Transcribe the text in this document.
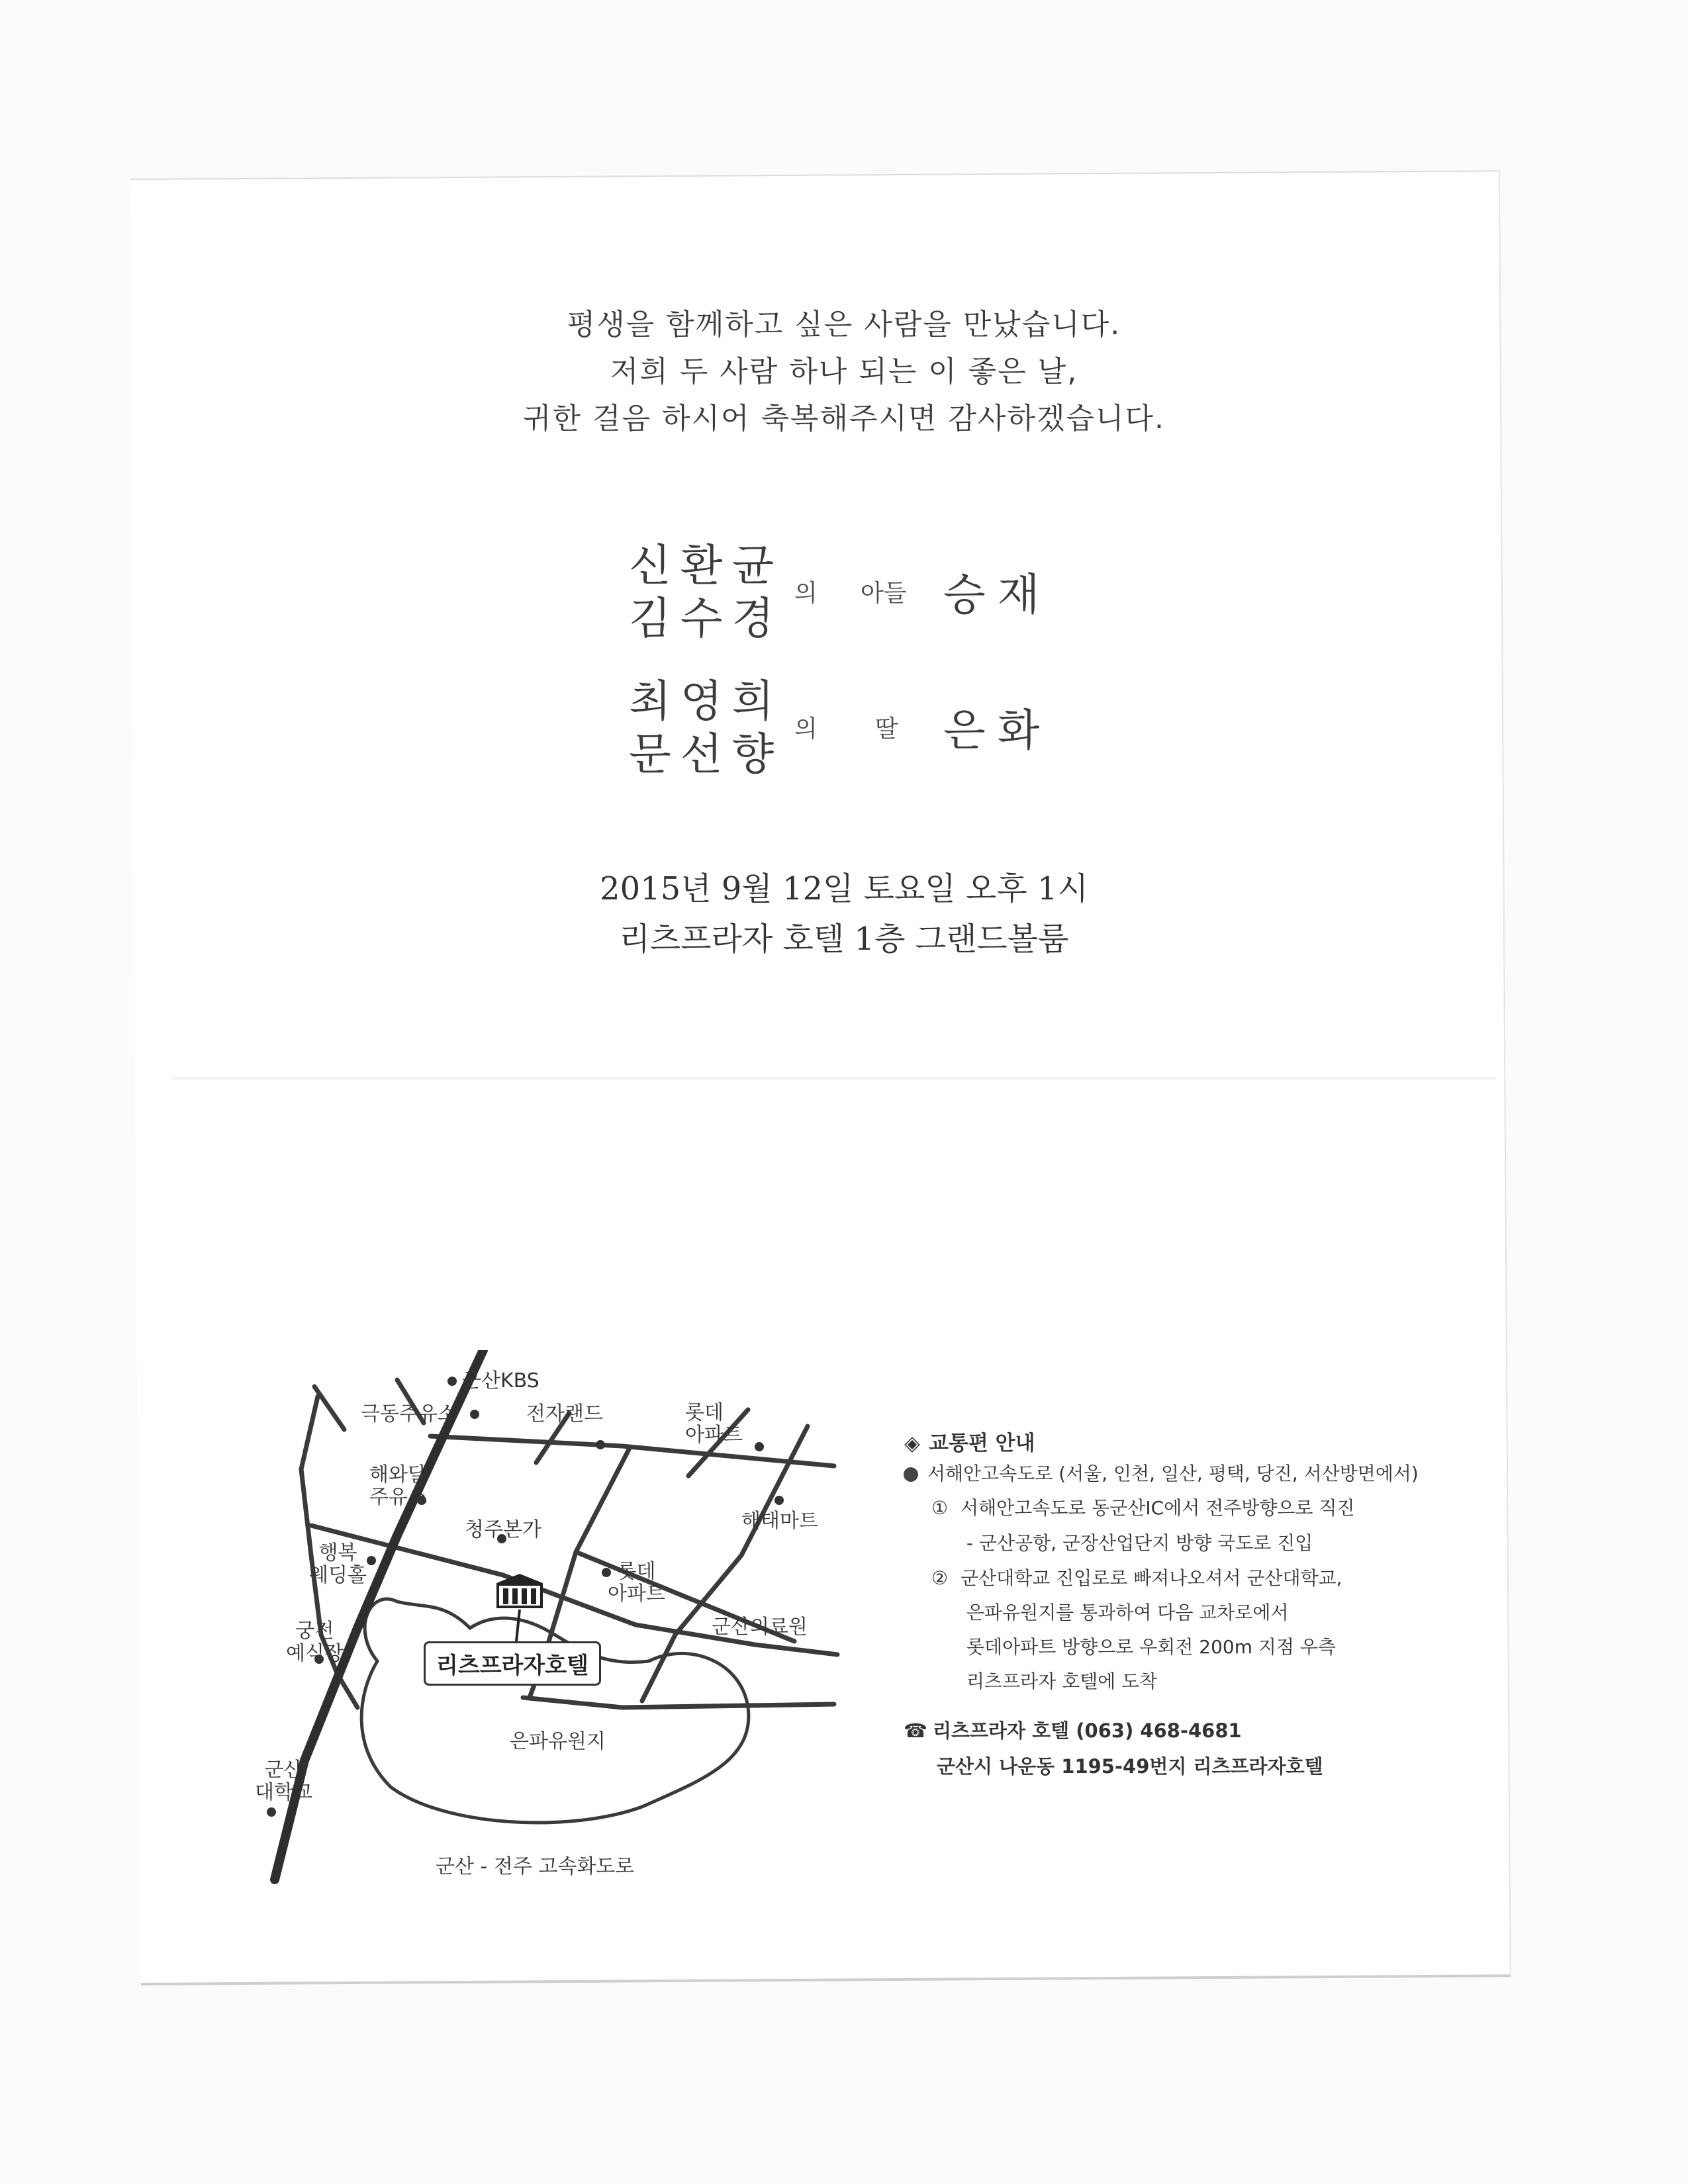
평생을 함께하고 싶은 사람을 만났습니다.
저희 두 사람 하나 되는 이 좋은 날,
귀한 걸음 하시어 축복해주시면 감사하겠습니다.
신환균
김수경 의 아들 승재
최영희
문선향 의 딸 은화
2015년 9월 12일 토요일 오후 1시
리츠프라자 호텔 1층 그랜드볼룸
군산KBS
극동주유소	전자랜드	롯데
아파트
해와달
주유소
해태마트
청주본가
행복
웨딩홀	롯데
아파트
군산의료원
궁전
예식장	리츠프라자호텔
은파유원지
군산
대학교
군산 - 전주 고속화도로
◈ 교통편 안내
서해안고속도로 (서울, 인천, 일산, 평택, 당진, 서산방면에서)
① 서해안고속도로 동군산IC에서 전주방향으로 직진
- 군산공항, 군장산업단지 방향 국도로 진입
② 군산대학교 진입로로 빠져나오셔서 군산대학교,
은파유원지를 통과하여 다음 교차로에서
롯데아파트 방향으로 우회전 200m 지점 우측
리츠프라자 호텔에 도착
☎ 리츠프라자 호텔 (063) 468-4681
군산시 나운동 1195-49번지 리츠프라자호텔
